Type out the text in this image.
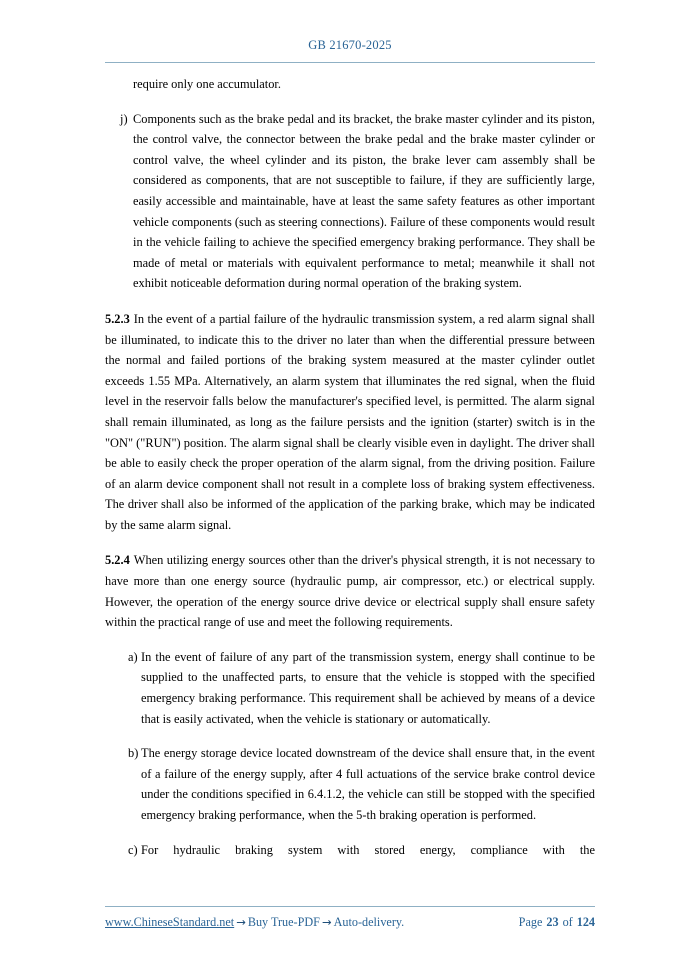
GB 21670-2025

require only one accumulator.

j) Components such as the brake pedal and its bracket, the brake master cylinder and its piston, the control valve, the connector between the brake pedal and the brake master cylinder or control valve, the wheel cylinder and its piston, the brake lever cam assembly shall be considered as components, that are not susceptible to failure, if they are sufficiently large, easily accessible and maintainable, have at least the same safety features as other important vehicle components (such as steering connections). Failure of these components would result in the vehicle failing to achieve the specified emergency braking performance. They shall be made of metal or materials with equivalent performance to metal; meanwhile it shall not exhibit noticeable deformation during normal operation of the braking system.

5.2.3 In the event of a partial failure of the hydraulic transmission system, a red alarm signal shall be illuminated, to indicate this to the driver no later than when the differential pressure between the normal and failed portions of the braking system measured at the master cylinder outlet exceeds 1.55 MPa. Alternatively, an alarm system that illuminates the red signal, when the fluid level in the reservoir falls below the manufacturer's specified level, is permitted. The alarm signal shall remain illuminated, as long as the failure persists and the ignition (starter) switch is in the "ON" ("RUN") position. The alarm signal shall be clearly visible even in daylight. The driver shall be able to easily check the proper operation of the alarm signal, from the driving position. Failure of an alarm device component shall not result in a complete loss of braking system effectiveness. The driver shall also be informed of the application of the parking brake, which may be indicated by the same alarm signal.

5.2.4 When utilizing energy sources other than the driver's physical strength, it is not necessary to have more than one energy source (hydraulic pump, air compressor, etc.) or electrical supply. However, the operation of the energy source drive device or electrical supply shall ensure safety within the practical range of use and meet the following requirements.

a) In the event of failure of any part of the transmission system, energy shall continue to be supplied to the unaffected parts, to ensure that the vehicle is stopped with the specified emergency braking performance. This requirement shall be achieved by means of a device that is easily activated, when the vehicle is stationary or automatically.
b) The energy storage device located downstream of the device shall ensure that, in the event of a failure of the energy supply, after 4 full actuations of the service brake control device under the conditions specified in 6.4.1.2, the vehicle can still be stopped with the specified emergency braking performance, when the 5-th braking operation is performed.
c) For hydraulic braking system with stored energy, compliance with the
www.ChineseStandard.net → Buy True-PDF → Auto-delivery.	Page 23 of 124
